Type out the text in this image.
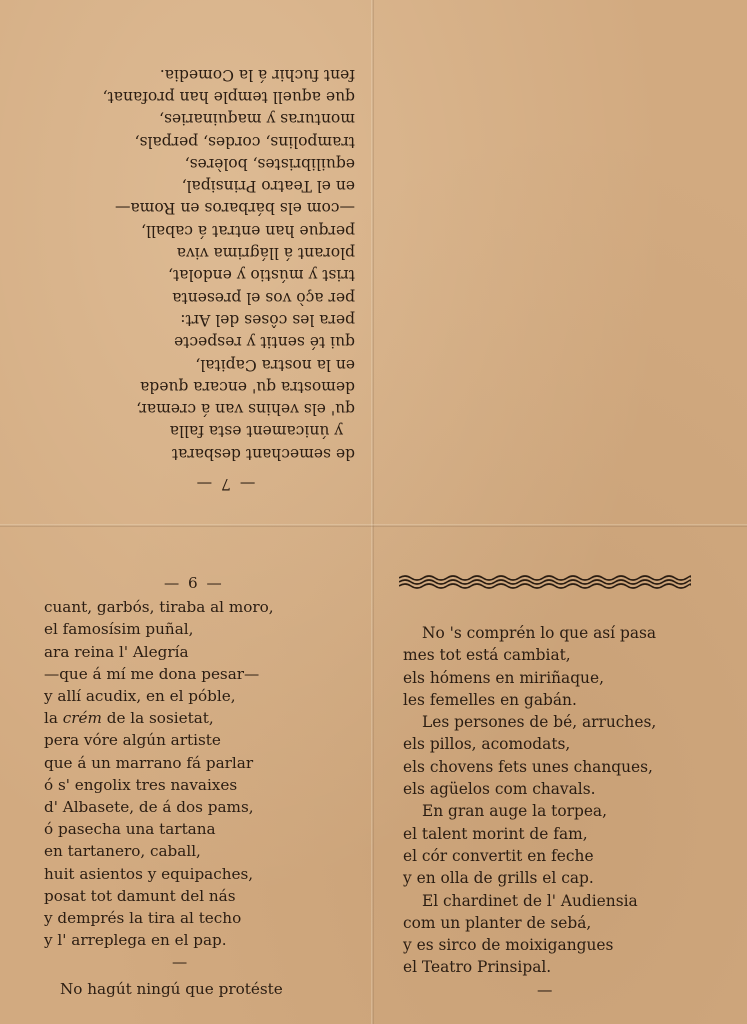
— 7 —
de semechant desbarat
y únicament esta falla
qu' els vehins van á cremar,
demostra qu' encara queda
en la nostra Capital,
qui té sentit y respecte
pera les côses del Art:
per açò vos el presenta
trist y mústio y endolat,
plorant á llágrima viva
perque han entrat á caball,
—com els bárbaros en Roma—
en el Teatro Prinsipal,
equilibristes, bolères,
trampolins, cordes, perpals,
monturas y maquinaries,
que aquell temple han profanat,
fent fuchir á la Comedia.
— 6 —
cuant, garbós, tiraba al moro,
el famosísim puñal,
ara reina l' Alegría
—que á mí me dona pesar—
y allí acudix, en el póble,
la crém de la sosietat,
pera vóre algún artiste
que á un marrano fá parlar
ó s' engolix tres navaixes
d' Albasete, de á dos pams,
ó pasecha una tartana
en tartanero, caball,
huit asientos y equipaches,
posat tot damunt del nás
y demprés la tira al techo
y l' arreplega en el pap.
—
No hagút ningú que protéste
No 's comprén lo que así pasa
mes tot está cambiat,
els hómens en miriñaque,
les femelles en gabán.
Les persones de bé, arruches,
els pillos, acomodats,
els chovens fets unes chanques,
els agüelos com chavals.
En gran auge la torpea,
el talent morint de fam,
el cór convertit en feche
y en olla de grills el cap.
El chardinet de l' Audiensia
com un planter de sebá,
y es sirco de moixigangues
el Teatro Prinsipal.
—
